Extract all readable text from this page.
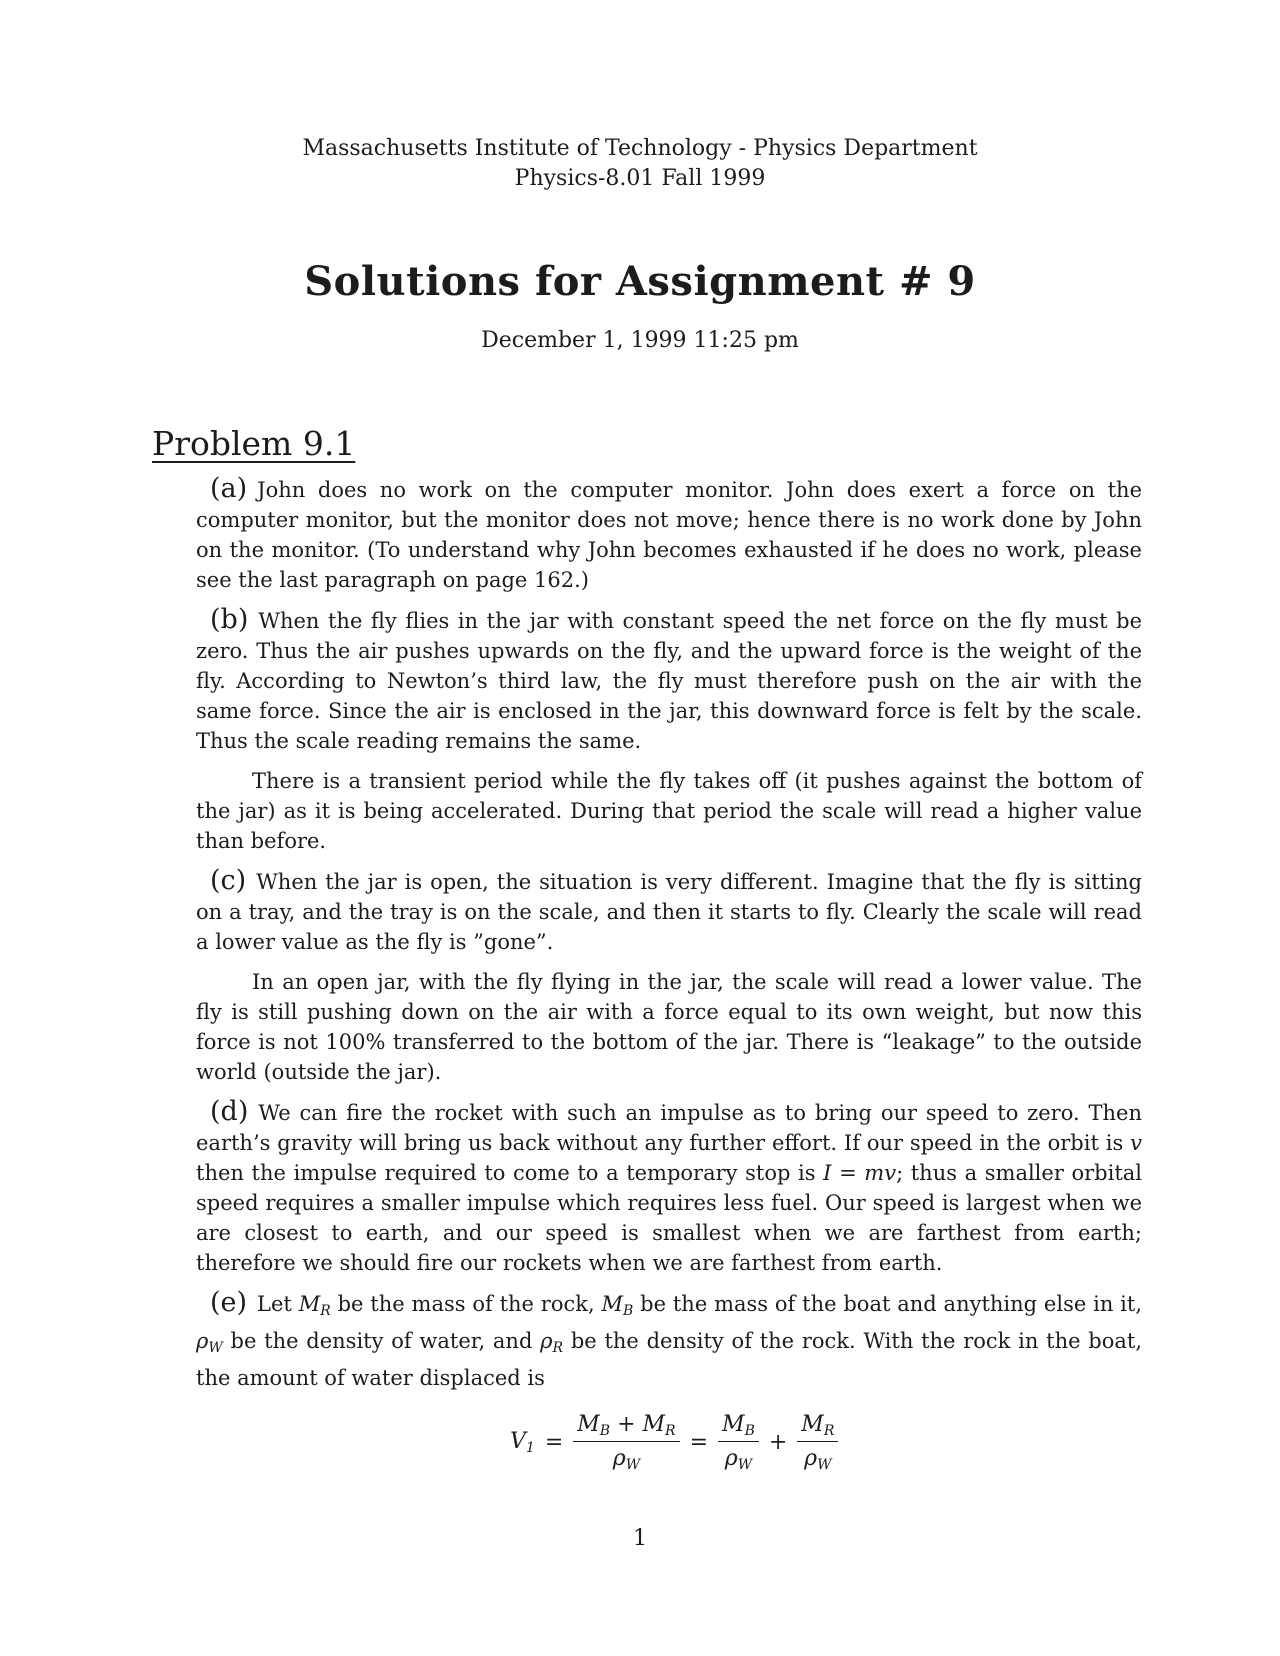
Massachusetts Institute of Technology - Physics Department
Physics-8.01 Fall 1999
Solutions for Assignment # 9
December 1, 1999 11:25 pm
Problem 9.1

(a) John does no work on the computer monitor. John does exert a force on the computer monitor, but the monitor does not move; hence there is no work done by John on the monitor. (To understand why John becomes exhausted if he does no work, please see the last paragraph on page 162.)

(b) When the fly flies in the jar with constant speed the net force on the fly must be zero. Thus the air pushes upwards on the fly, and the upward force is the weight of the fly. According to Newton’s third law, the fly must therefore push on the air with the same force. Since the air is enclosed in the jar, this downward force is felt by the scale. Thus the scale reading remains the same.

There is a transient period while the fly takes off (it pushes against the bottom of the jar) as it is being accelerated. During that period the scale will read a higher value than before.

(c) When the jar is open, the situation is very different. Imagine that the fly is sitting on a tray, and the tray is on the scale, and then it starts to fly. Clearly the scale will read a lower value as the fly is ”gone”.

In an open jar, with the fly flying in the jar, the scale will read a lower value. The fly is still pushing down on the air with a force equal to its own weight, but now this force is not 100% transferred to the bottom of the jar. There is “leakage” to the outside world (outside the jar).

(d) We can fire the rocket with such an impulse as to bring our speed to zero. Then earth’s gravity will bring us back without any further effort. If our speed in the orbit is v then the impulse required to come to a temporary stop is I = mv; thus a smaller orbital speed requires a smaller impulse which requires less fuel. Our speed is largest when we are closest to earth, and our speed is smallest when we are farthest from earth; therefore we should fire our rockets when we are farthest from earth.

(e) Let $M_R$ be the mass of the rock, $M_B$ be the mass of the boat and anything else in it, $\rho_W$ be the density of water, and $\rho_R$ be the density of the rock. With the rock in the boat, the amount of water displaced is

$V_1 = \frac{M_B + M_R}{\rho_W} = \frac{M_B}{\rho_W} + \frac{M_R}{\rho_W}$
1
